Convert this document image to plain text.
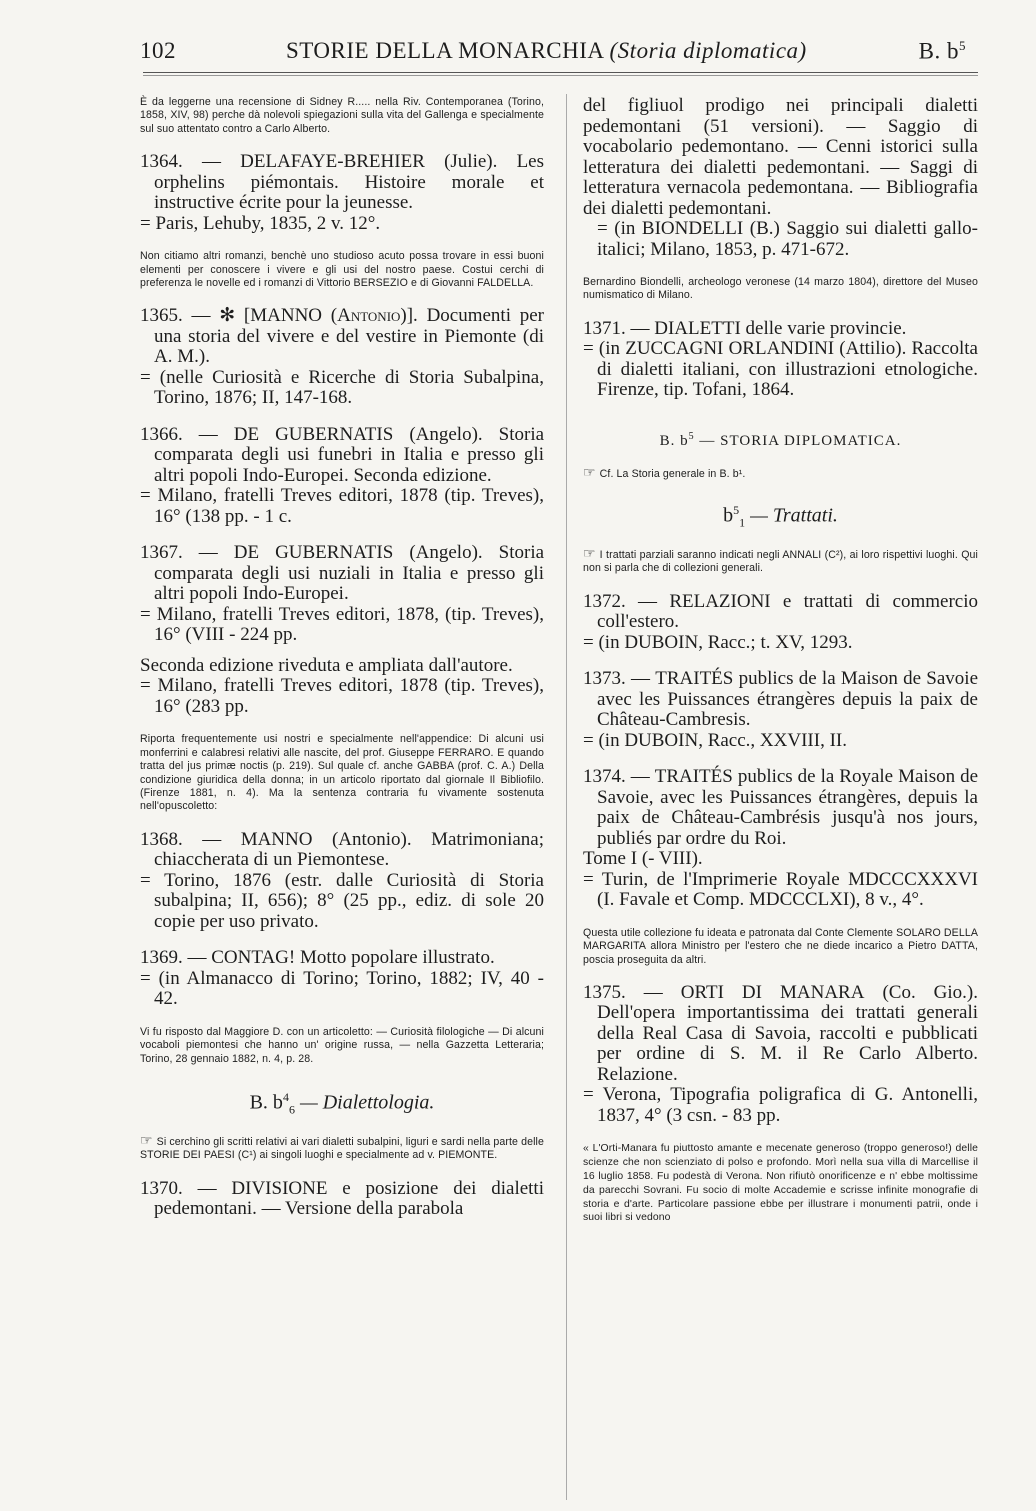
102	STORIE DELLA MONARCHIA (Storia diplomatica)	B. $b^5$

È da leggerne una recensione di Sidney R..... nella Riv. Contemporanea (Torino, 1858, XIV, 98) perche dà nolevoli spiegazioni sulla vita del Gallenga e specialmente sul suo attentato contro a Carlo Alberto.

1364. — DELAFAYE-BREHIER (Julie). Les orphelins piémontais. Histoire morale et instructive écrite pour la jeunesse.
= Paris, Lehuby, 1835, 2 v. 12°.

Non citiamo altri romanzi, benchè uno studioso acuto possa trovare in essi buoni elementi per conoscere i vivere e gli usi del nostro paese. Costui cerchi di preferenza le novelle ed i romanzi di Vittorio BERSEZIO e di Giovanni FALDELLA.

1365. — ✻ [MANNO (Antonio)]. Documenti per una storia del vivere e del vestire in Piemonte (di A. M.).
= (nelle Curiosità e Ricerche di Storia Subalpina, Torino, 1876; II, 147-168.

1366. — DE GUBERNATIS (Angelo). Storia comparata degli usi funebri in Italia e presso gli altri popoli Indo-Europei. Seconda edizione.
= Milano, fratelli Treves editori, 1878 (tip. Treves), 16° (138 pp. - 1 c.

1367. — DE GUBERNATIS (Angelo). Storia comparata degli usi nuziali in Italia e presso gli altri popoli Indo-Europei.
= Milano, fratelli Treves editori, 1878, (tip. Treves), 16° (VIII - 224 pp.
Seconda edizione riveduta e ampliata dall'autore.
= Milano, fratelli Treves editori, 1878 (tip. Treves), 16° (283 pp.

Riporta frequentemente usi nostri e specialmente nell'appendice: Di alcuni usi monferrini e calabresi relativi alle nascite, del prof. Giuseppe FERRARO. E quando tratta del jus primæ noctis (p. 219). Sul quale cf. anche GABBA (prof. C. A.) Della condizione giuridica della donna; in un articolo riportato dal giornale Il Bibliofilo. (Firenze 1881, n. 4). Ma la sentenza contraria fu vivamente sostenuta nell'opuscoletto:

1368. — MANNO (Antonio). Matrimoniana; chiaccherata di un Piemontese.
= Torino, 1876 (estr. dalle Curiosità di Storia subalpina; II, 656); 8° (25 pp., ediz. di sole 20 copie per uso privato.

1369. — CONTAG! Motto popolare illustrato.
= (in Almanacco di Torino; Torino, 1882; IV, 40 - 42.

Vi fu risposto dal Maggiore D. con un articoletto: — Curiosità filologiche — Di alcuni vocaboli piemontesi che hanno un' origine russa, — nella Gazzetta Letteraria; Torino, 28 gennaio 1882, n. 4, p. 28.

B. $b^4_6$ — Dialettologia.

☞ Si cerchino gli scritti relativi ai vari dialetti subalpini, liguri e sardi nella parte delle STORIE DEI PAESI (C¹) ai singoli luoghi e specialmente ad v. PIEMONTE.

1370. — DIVISIONE e posizione dei dialetti pedemontani. — Versione della parabola

del figliuol prodigo nei principali dialetti pedemontani (51 versioni). — Saggio di vocabolario pedemontano. — Cenni istorici sulla letteratura dei dialetti pedemontani. — Saggi di letteratura vernacola pedemontana. — Bibliografia dei dialetti pedemontani.
= (in BIONDELLI (B.) Saggio sui dialetti gallo-italici; Milano, 1853, p. 471-672.

Bernardino Biondelli, archeologo veronese (14 marzo 1804), direttore del Museo numismatico di Milano.

1371. — DIALETTI delle varie provincie.
= (in ZUCCAGNI ORLANDINI (Attilio). Raccolta di dialetti italiani, con illustrazioni etnologiche. Firenze, tip. Tofani, 1864.

B. $b^5$ — STORIA DIPLOMATICA.

☞ Cf. La Storia generale in B. b¹.

$b^5_1$ — Trattati.

☞ I trattati parziali saranno indicati negli ANNALI (C²), ai loro rispettivi luoghi. Qui non si parla che di collezioni generali.

1372. — RELAZIONI e trattati di commercio coll'estero.
= (in DUBOIN, Racc.; t. XV, 1293.

1373. — TRAITÉS publics de la Maison de Savoie avec les Puissances étrangères depuis la paix de Château-Cambresis.
= (in DUBOIN, Racc., XXVIII, II.

1374. — TRAITÉS publics de la Royale Maison de Savoie, avec les Puissances étrangères, depuis la paix de Château-Cambrésis jusqu'à nos jours, publiés par ordre du Roi.
Tome I (- VIII).
= Turin, de l'Imprimerie Royale MDCCCXXXVI (I. Favale et Comp. MDCCCLXI), 8 v., 4°.

Questa utile collezione fu ideata e patronata dal Conte Clemente SOLARO DELLA MARGARITA allora Ministro per l'estero che ne diede incarico a Pietro DATTA, poscia proseguita da altri.

1375. — ORTI DI MANARA (Co. Gio.). Dell'opera importantissima dei trattati generali della Real Casa di Savoia, raccolti e pubblicati per ordine di S. M. il Re Carlo Alberto. Relazione.
= Verona, Tipografia poligrafica di G. Antonelli, 1837, 4° (3 csn. - 83 pp.

« L'Orti-Manara fu piuttosto amante e mecenate generoso (troppo generoso!) delle scienze che non scienziato di polso e profondo. Morì nella sua villa di Marcellise il 16 luglio 1858. Fu podestà di Verona. Non rifiutò onorificenze e n' ebbe moltissime da parecchi Sovrani. Fu socio di molte Accademie e scrisse infinite monografie di storia e d'arte. Particolare passione ebbe per illustrare i monumenti patrii, onde i suoi libri si vedono
